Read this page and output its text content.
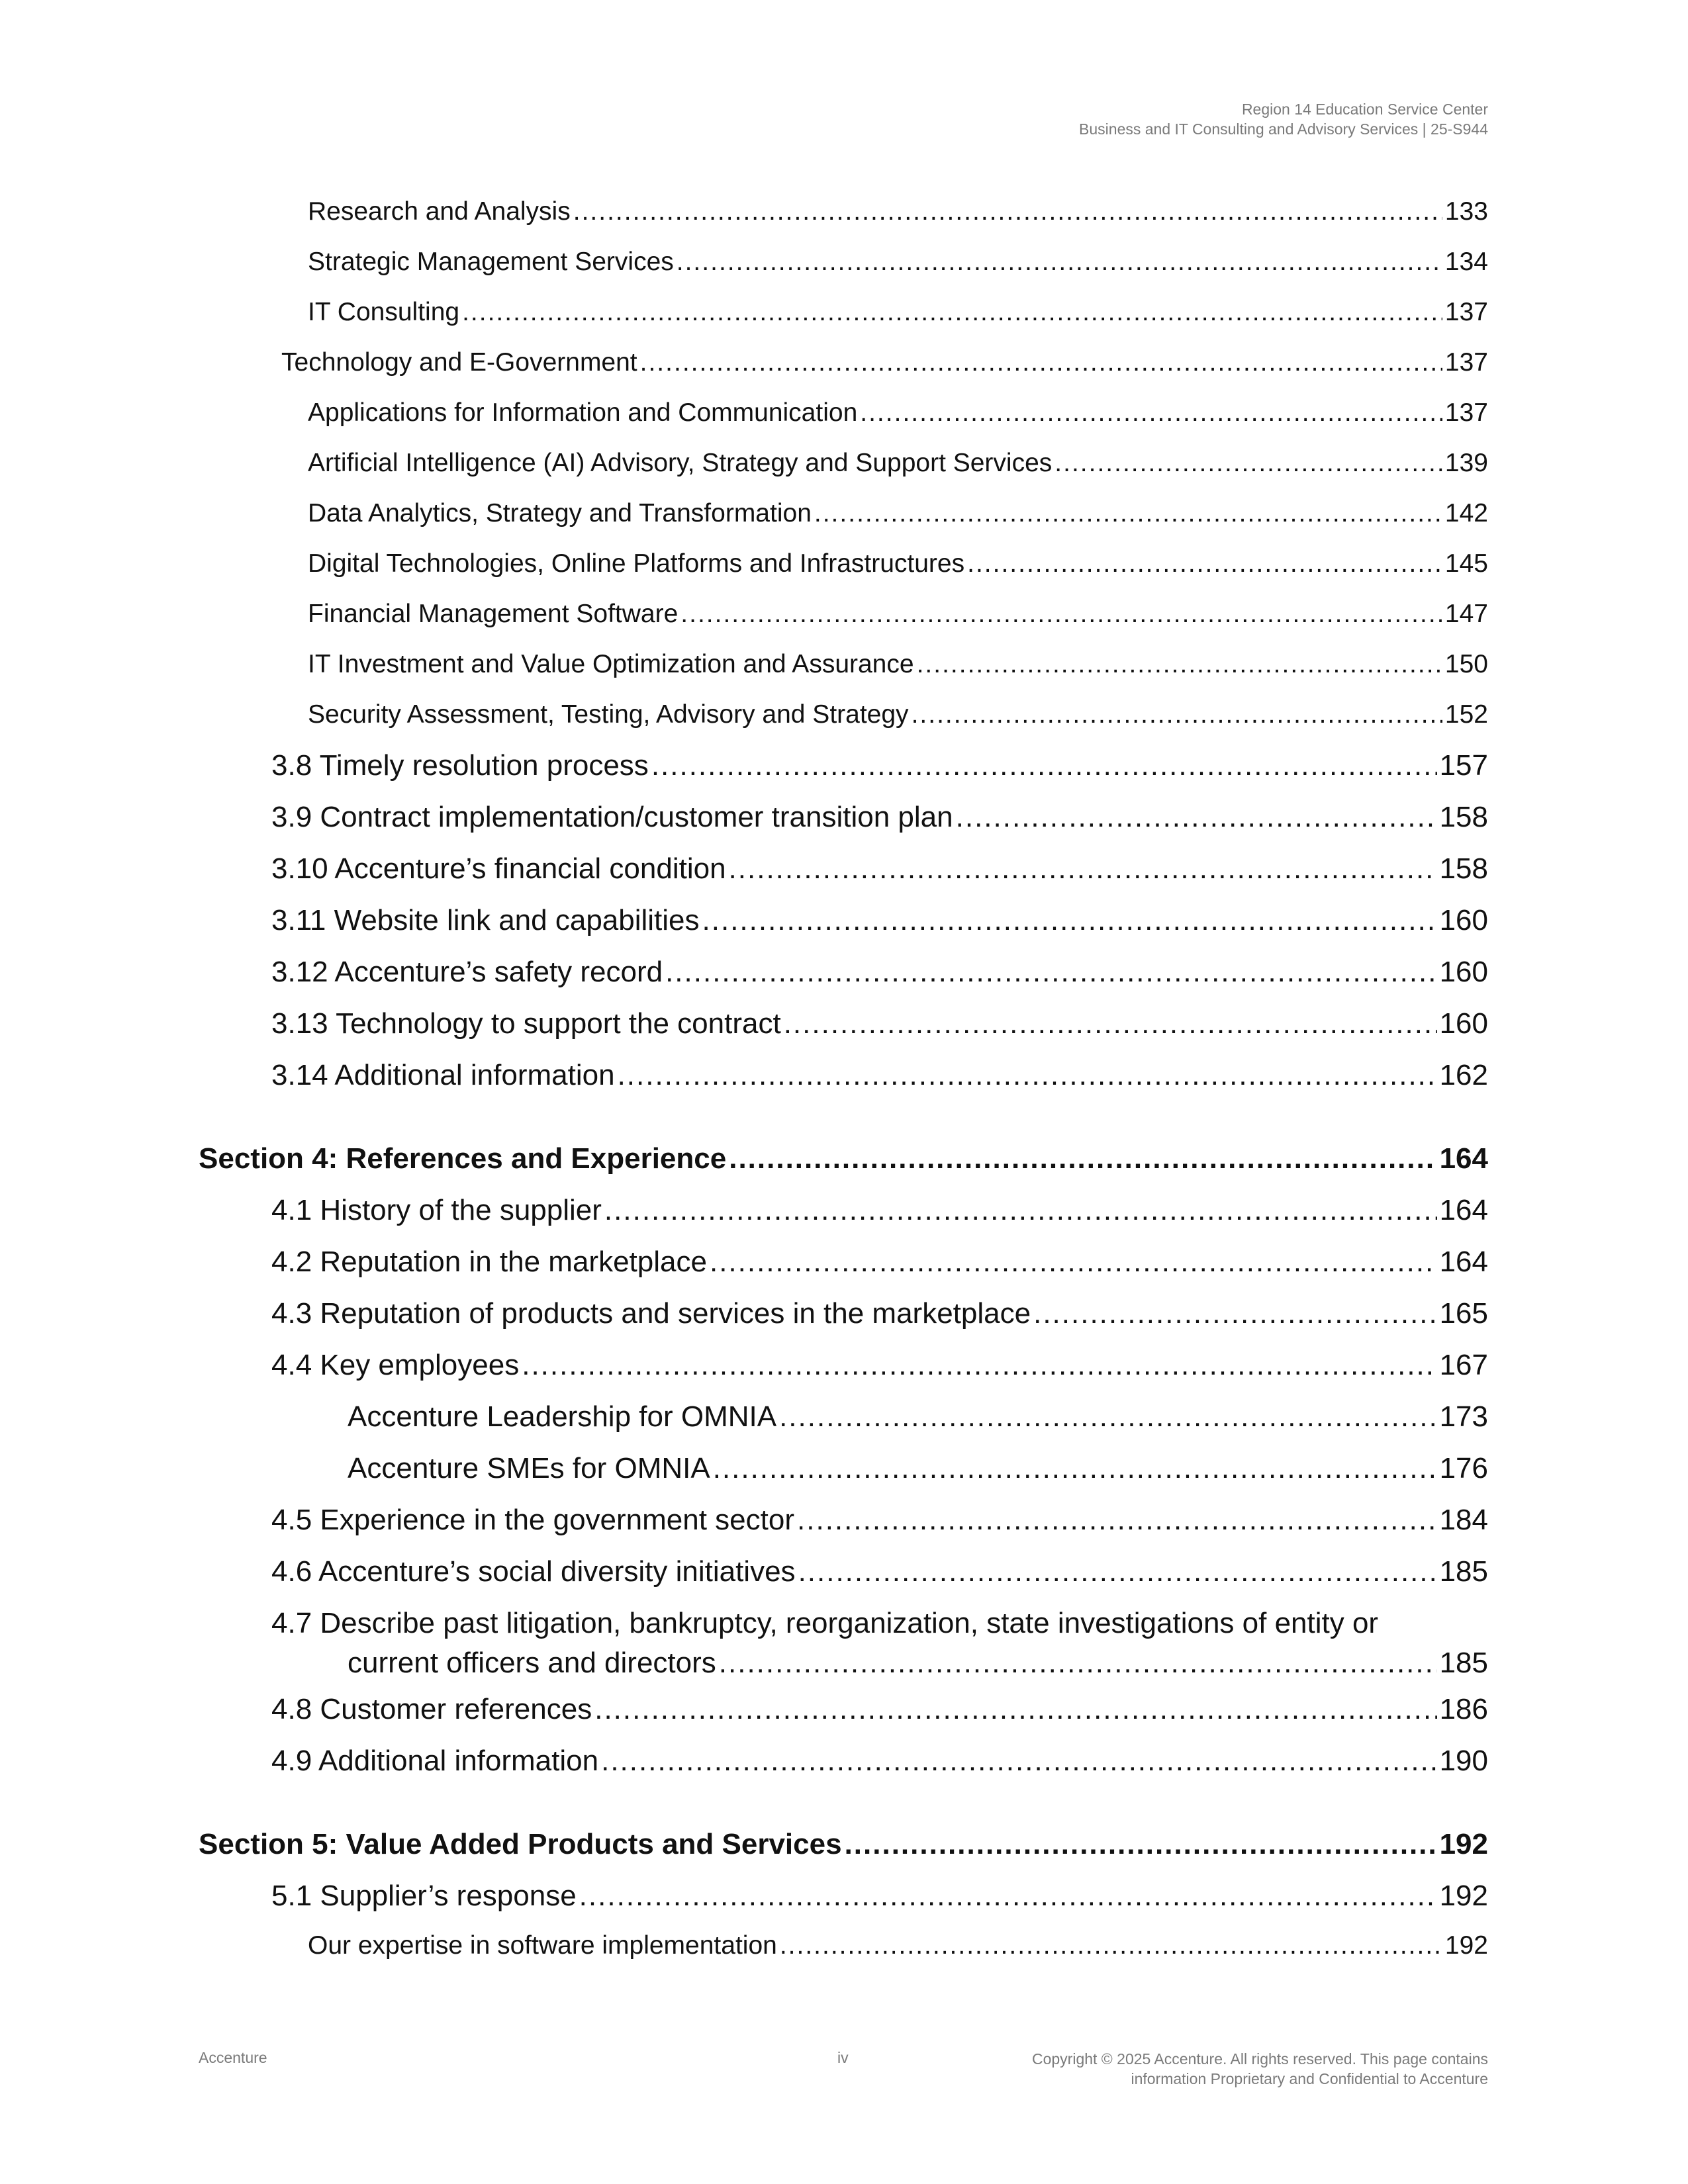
Region 14 Education Service Center
Business and IT Consulting and Advisory Services | 25-S944
Research and Analysis .....	133
Strategic Management Services .....	134
IT Consulting .....	137
Technology and E-Government .....	137
Applications for Information and Communication .....	137
Artificial Intelligence (AI) Advisory, Strategy and Support Services .....	139
Data Analytics, Strategy and Transformation .....	142
Digital Technologies, Online Platforms and Infrastructures .....	145
Financial Management Software .....	147
IT Investment and Value Optimization and Assurance .....	150
Security Assessment, Testing, Advisory and Strategy .....	152
3.8 Timely resolution process .....	157
3.9 Contract implementation/customer transition plan .....	158
3.10 Accenture’s financial condition .....	158
3.11 Website link and capabilities .....	160
3.12 Accenture’s safety record .....	160
3.13 Technology to support the contract .....	160
3.14 Additional information .....	162
Section 4: References and Experience .....	164
4.1 History of the supplier .....	164
4.2 Reputation in the marketplace .....	164
4.3 Reputation of products and services in the marketplace .....	165
4.4 Key employees .....	167
Accenture Leadership for OMNIA .....	173
Accenture SMEs for OMNIA .....	176
4.5 Experience in the government sector .....	184
4.6 Accenture’s social diversity initiatives .....	185
4.7 Describe past litigation, bankruptcy, reorganization, state investigations of entity or
current officers and directors .....	185
4.8 Customer references .....	186
4.9 Additional information .....	190
Section 5: Value Added Products and Services .....	192
5.1 Supplier’s response .....	192
Our expertise in software implementation .....	192
Accenture	iv	Copyright © 2025 Accenture. All rights reserved. This page contains
information Proprietary and Confidential to Accenture
